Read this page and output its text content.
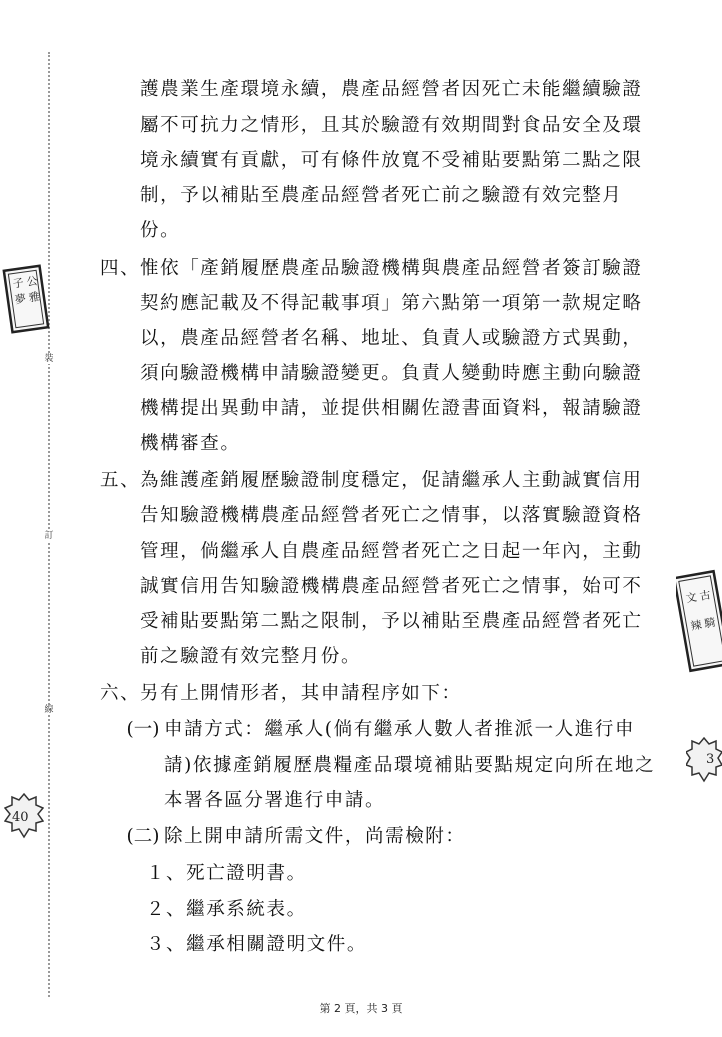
裝
訂
線
公
子
雅
夢
古
文
騎
辣
40
3
護農業生產環境永續，農產品經營者因死亡未能繼續驗證
屬不可抗力之情形，且其於驗證有效期間對食品安全及環
境永續實有貢獻，可有條件放寬不受補貼要點第二點之限
制，予以補貼至農產品經營者死亡前之驗證有效完整月
份。
四、惟依「產銷履歷農產品驗證機構與農產品經營者簽訂驗證
契約應記載及不得記載事項」第六點第一項第一款規定略
以，農產品經營者名稱、地址、負責人或驗證方式異動，
須向驗證機構申請驗證變更。負責人變動時應主動向驗證
機構提出異動申請，並提供相關佐證書面資料，報請驗證
機構審查。
五、為維護產銷履歷驗證制度穩定，促請繼承人主動誠實信用
告知驗證機構農產品經營者死亡之情事，以落實驗證資格
管理，倘繼承人自農產品經營者死亡之日起一年內，主動
誠實信用告知驗證機構農產品經營者死亡之情事，始可不
受補貼要點第二點之限制，予以補貼至農產品經營者死亡
前之驗證有效完整月份。
六、另有上開情形者，其申請程序如下：
(一) 申請方式：繼承人(倘有繼承人數人者推派一人進行申
請)依據產銷履歷農糧產品環境補貼要點規定向所在地之
本署各區分署進行申請。
(二) 除上開申請所需文件，尚需檢附：
１、死亡證明書。
２、繼承系統表。
３、繼承相關證明文件。
第 2 頁，共 3 頁
